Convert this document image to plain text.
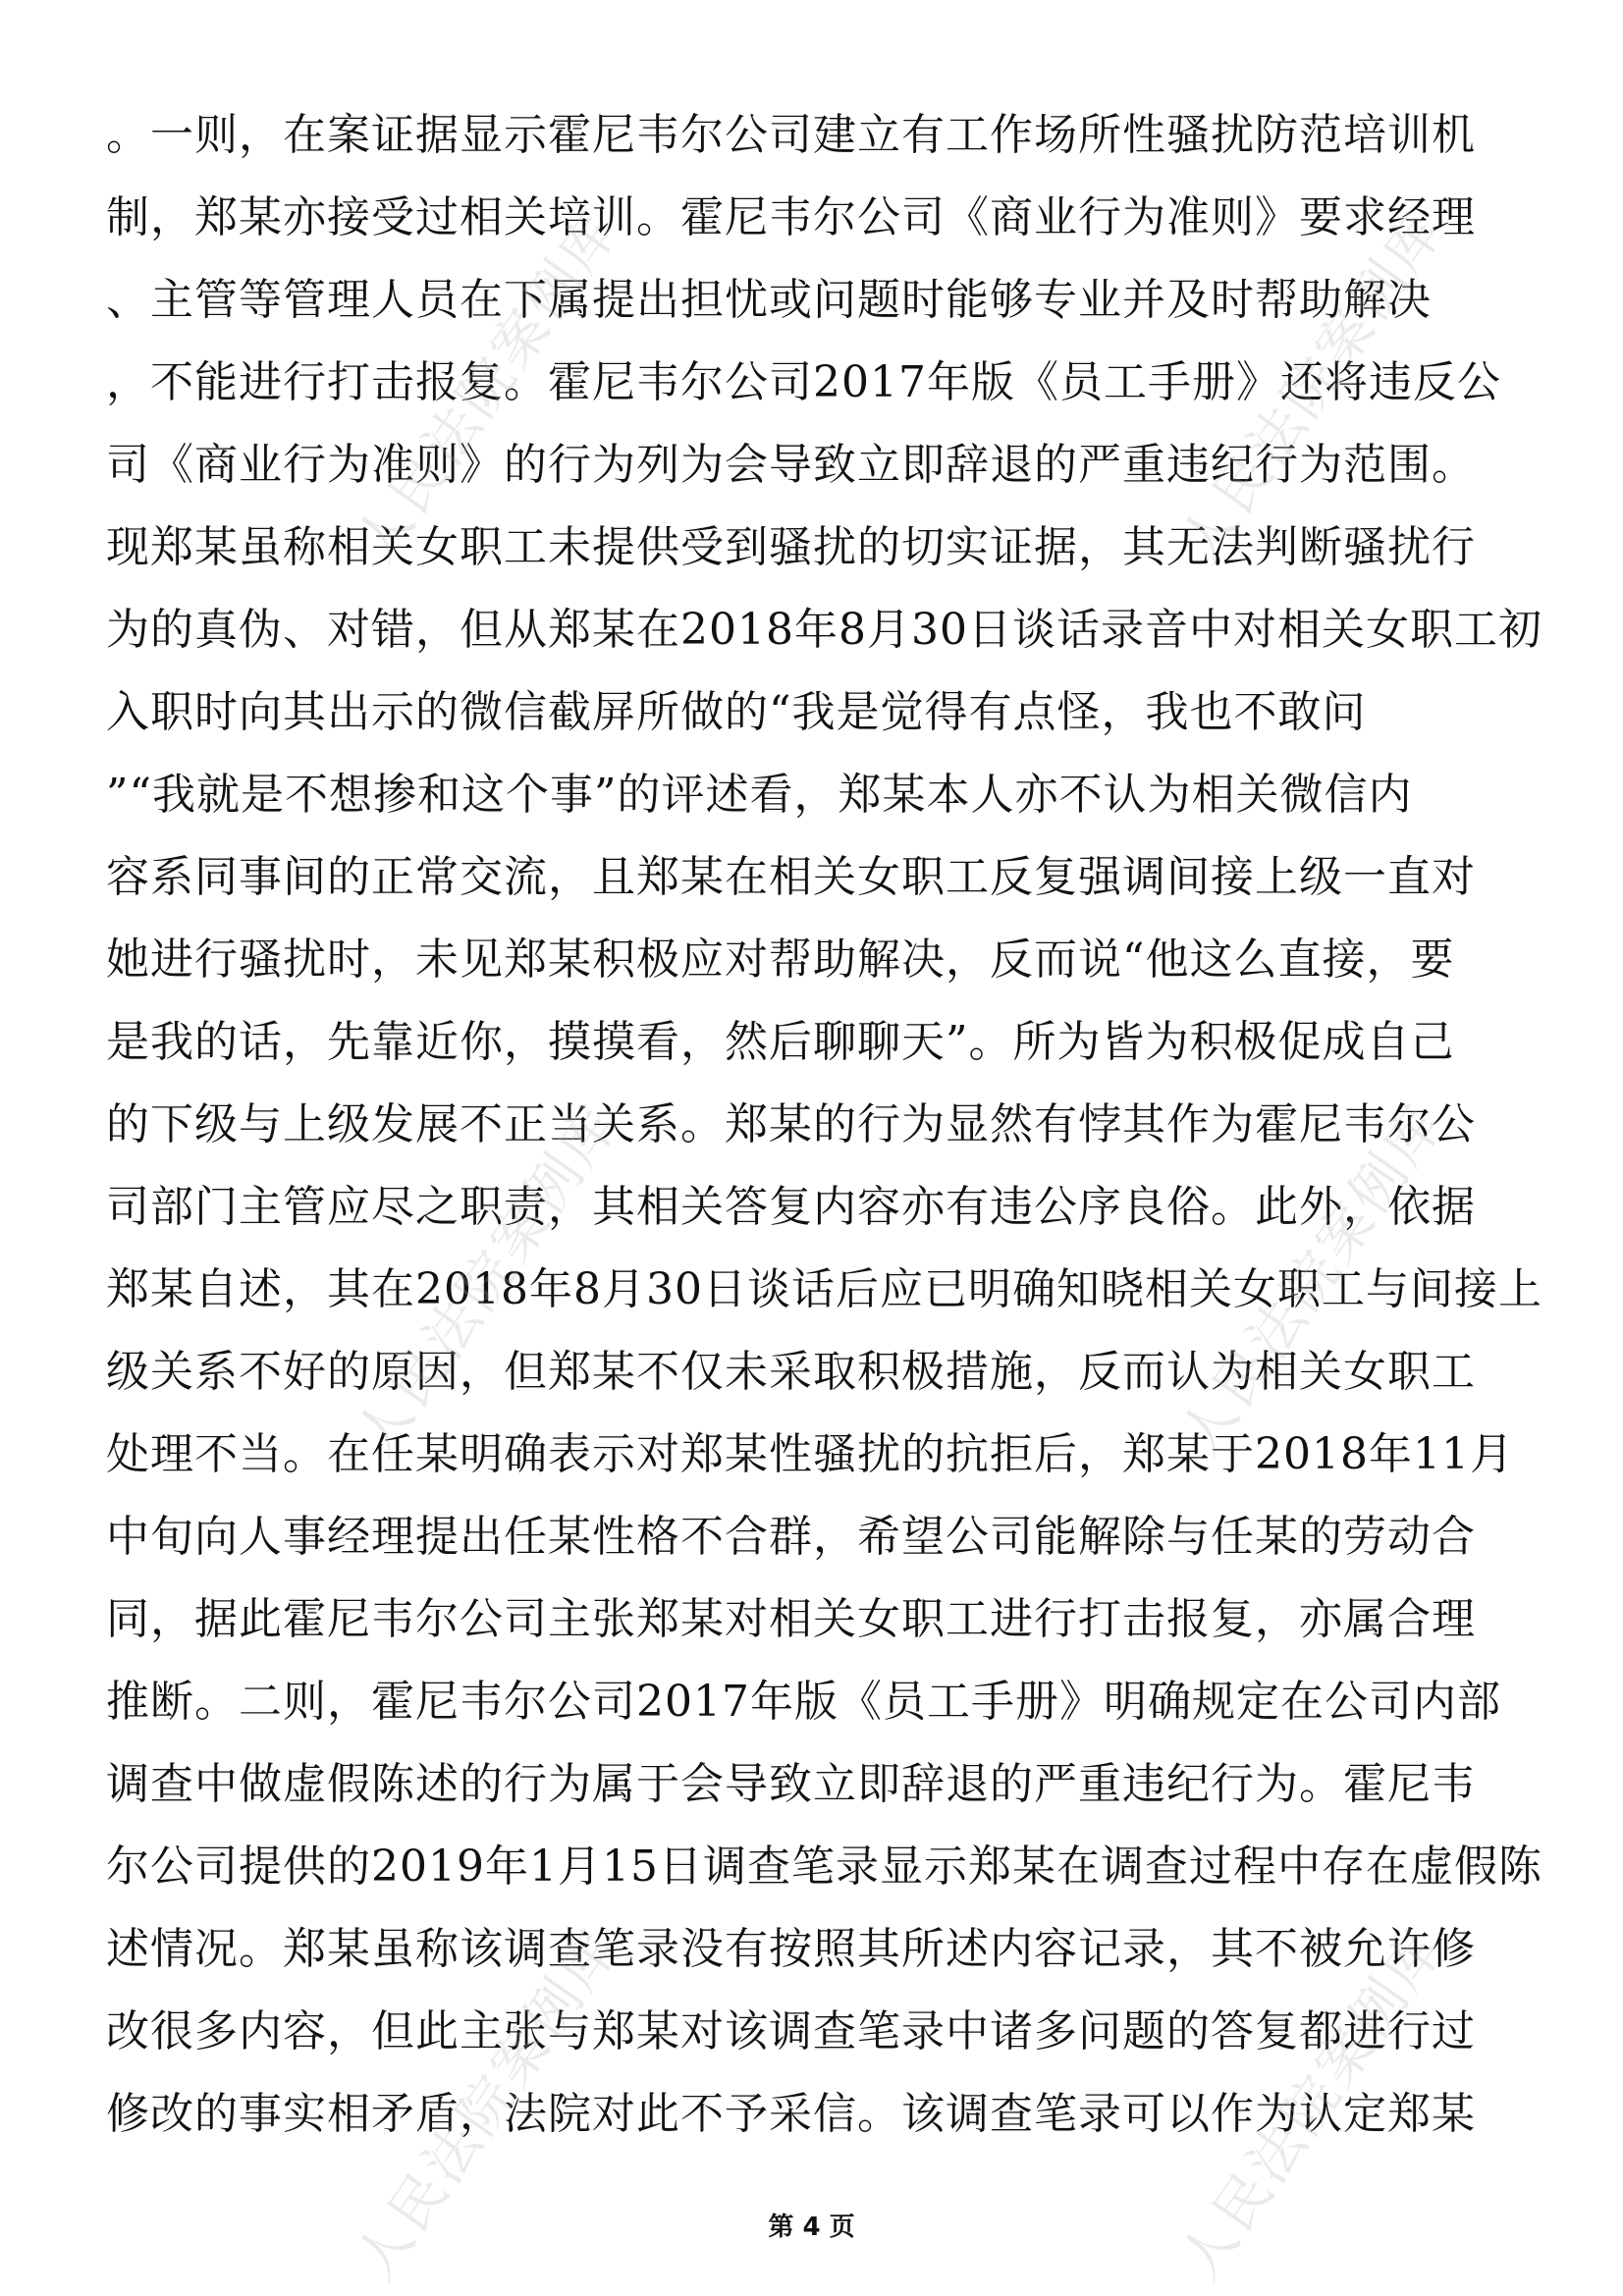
。一则，在案证据显示霍尼韦尔公司建立有工作场所性骚扰防范培训机
制，郑某亦接受过相关培训。霍尼韦尔公司《商业行为准则》要求经理
、主管等管理人员在下属提出担忧或问题时能够专业并及时帮助解决
，不能进行打击报复。霍尼韦尔公司2017年版《员工手册》还将违反公
司《商业行为准则》的行为列为会导致立即辞退的严重违纪行为范围。
现郑某虽称相关女职工未提供受到骚扰的切实证据，其无法判断骚扰行
为的真伪、对错，但从郑某在2018年8月30日谈话录音中对相关女职工初
入职时向其出示的微信截屏所做的“我是觉得有点怪，我也不敢问
”“我就是不想掺和这个事”的评述看，郑某本人亦不认为相关微信内
容系同事间的正常交流，且郑某在相关女职工反复强调间接上级一直对
她进行骚扰时，未见郑某积极应对帮助解决，反而说“他这么直接，要
是我的话，先靠近你，摸摸看，然后聊聊天”。所为皆为积极促成自己
的下级与上级发展不正当关系。郑某的行为显然有悖其作为霍尼韦尔公
司部门主管应尽之职责，其相关答复内容亦有违公序良俗。此外，依据
郑某自述，其在2018年8月30日谈话后应已明确知晓相关女职工与间接上
级关系不好的原因，但郑某不仅未采取积极措施，反而认为相关女职工
处理不当。在任某明确表示对郑某性骚扰的抗拒后，郑某于2018年11月
中旬向人事经理提出任某性格不合群，希望公司能解除与任某的劳动合
同，据此霍尼韦尔公司主张郑某对相关女职工进行打击报复，亦属合理
推断。二则，霍尼韦尔公司2017年版《员工手册》明确规定在公司内部
调查中做虚假陈述的行为属于会导致立即辞退的严重违纪行为。霍尼韦
尔公司提供的2019年1月15日调查笔录显示郑某在调查过程中存在虚假陈
述情况。郑某虽称该调查笔录没有按照其所述内容记录，其不被允许修
改很多内容，但此主张与郑某对该调查笔录中诸多问题的答复都进行过
修改的事实相矛盾，法院对此不予采信。该调查笔录可以作为认定郑某
人民法院案例库	人民法院案例库
人民法院案例库	人民法院案例库
人民法院案例库	人民法院案例库
第 4 页
